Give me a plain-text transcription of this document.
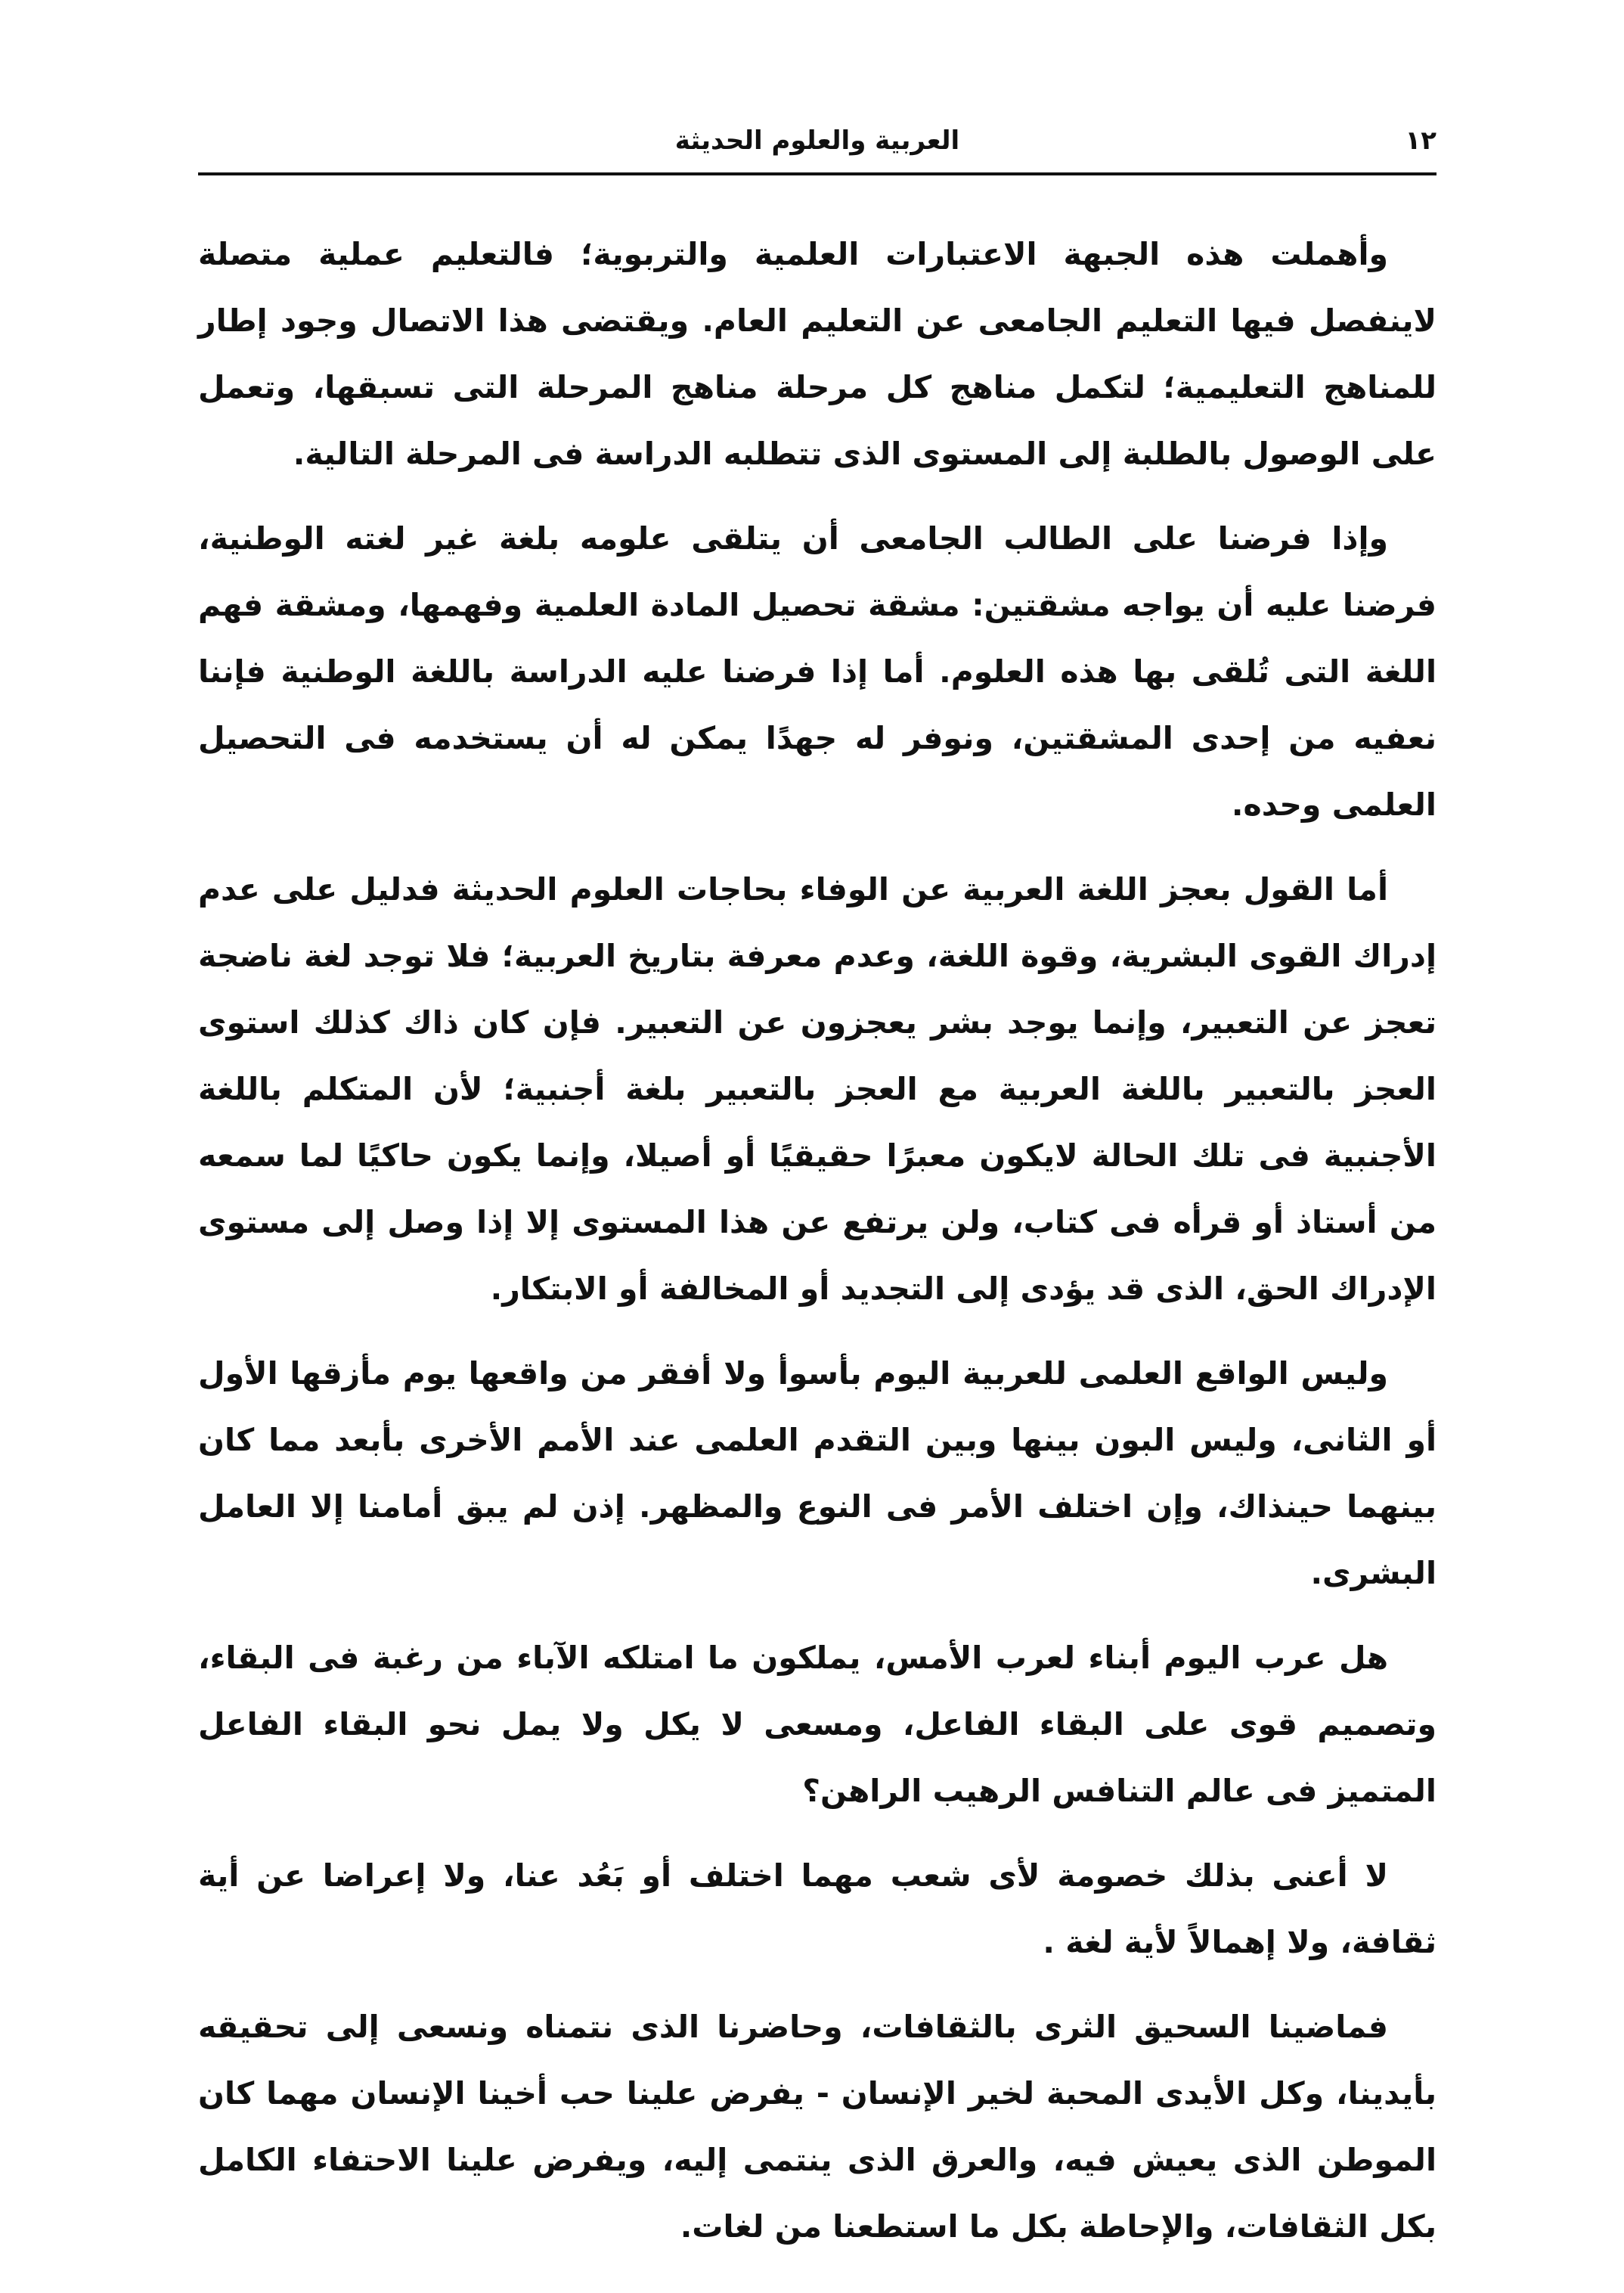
١٢
العربية والعلوم الحديثة

وأهملت هذه الجبهة الاعتبارات العلمية والتربوية؛ فالتعليم عملية متصلة لاينفصل فيها التعليم الجامعى عن التعليم العام. ويقتضى هذا الاتصال وجود إطار للمناهج التعليمية؛ لتكمل مناهج كل مرحلة مناهج المرحلة التى تسبقها، وتعمل على الوصول بالطلبة إلى المستوى الذى تتطلبه الدراسة فى المرحلة التالية.

وإذا فرضنا على الطالب الجامعى أن يتلقى علومه بلغة غير لغته الوطنية، فرضنا عليه أن يواجه مشقتين: مشقة تحصيل المادة العلمية وفهمها، ومشقة فهم اللغة التى تُلقى بها هذه العلوم. أما إذا فرضنا عليه الدراسة باللغة الوطنية فإننا نعفيه من إحدى المشقتين، ونوفر له جهدًا يمكن له أن يستخدمه فى التحصيل العلمى وحده.

أما القول بعجز اللغة العربية عن الوفاء بحاجات العلوم الحديثة فدليل على عدم إدراك القوى البشرية، وقوة اللغة، وعدم معرفة بتاريخ العربية؛ فلا توجد لغة ناضجة تعجز عن التعبير، وإنما يوجد بشر يعجزون عن التعبير. فإن كان ذاك كذلك استوى العجز بالتعبير باللغة العربية مع العجز بالتعبير بلغة أجنبية؛ لأن المتكلم باللغة الأجنبية فى تلك الحالة لايكون معبرًا حقيقيًا أو أصيلا، وإنما يكون حاكيًا لما سمعه من أستاذ أو قرأه فى كتاب، ولن يرتفع عن هذا المستوى إلا إذا وصل إلى مستوى الإدراك الحق، الذى قد يؤدى إلى التجديد أو المخالفة أو الابتكار.

وليس الواقع العلمى للعربية اليوم بأسوأ ولا أفقر من واقعها يوم مأزقها الأول أو الثانى، وليس البون بينها وبين التقدم العلمى عند الأمم الأخرى بأبعد مما كان بينهما حينذاك، وإن اختلف الأمر فى النوع والمظهر. إذن لم يبق أمامنا إلا العامل البشرى.

هل عرب اليوم أبناء لعرب الأمس، يملكون ما امتلكه الآباء من رغبة فى البقاء، وتصميم قوى على البقاء الفاعل، ومسعى لا يكل ولا يمل نحو البقاء الفاعل المتميز فى عالم التنافس الرهيب الراهن؟

لا أعنى بذلك خصومة لأى شعب مهما اختلف أو بَعُد عنا، ولا إعراضا عن أية ثقافة، ولا إهمالاً لأية لغة .

فماضينا السحيق الثرى بالثقافات، وحاضرنا الذى نتمناه ونسعى إلى تحقيقه بأيدينا، وكل الأيدى المحبة لخير الإنسان - يفرض علينا حب أخينا الإنسان مهما كان الموطن الذى يعيش فيه، والعرق الذى ينتمى إليه، ويفرض علينا الاحتفاء الكامل بكل الثقافات، والإحاطة بكل ما استطعنا من لغات.
